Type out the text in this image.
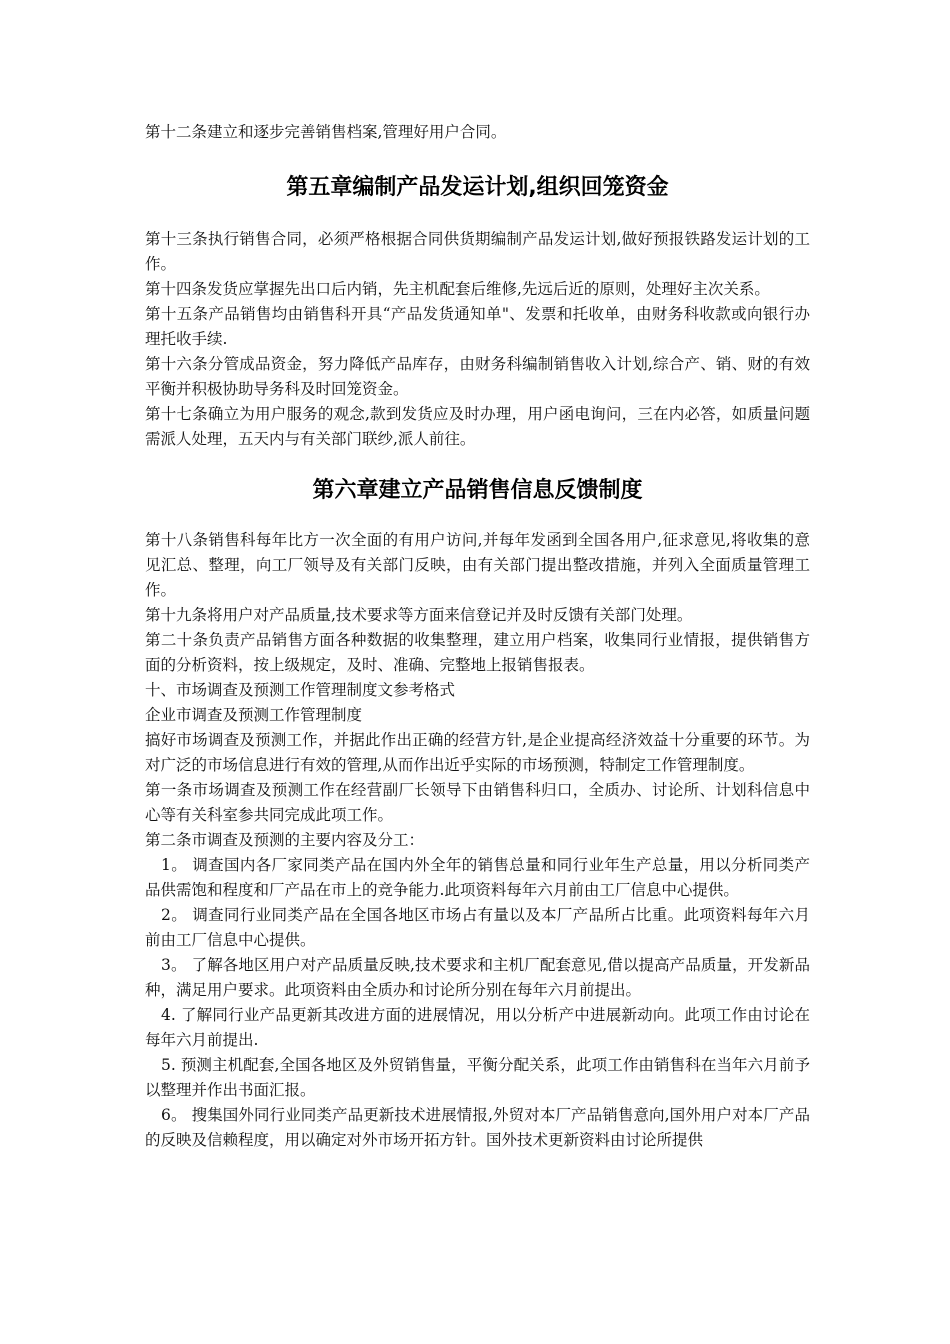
第十二条建立和逐步完善销售档案,管理好用户合同。

第五章编制产品发运计划,组织回笼资金

第十三条执行销售合同，必须严格根据合同供货期编制产品发运计划,做好预报铁路发运计划的工作。

第十四条发货应掌握先出口后内销，先主机配套后维修,先远后近的原则，处理好主次关系。

第十五条产品销售均由销售科开具“产品发货通知单"、发票和托收单，由财务科收款或向银行办理托收手续.

第十六条分管成品资金，努力降低产品库存，由财务科编制销售收入计划,综合产、销、财的有效平衡并积极协助导务科及时回笼资金。

第十七条确立为用户服务的观念,款到发货应及时办理，用户函电询问，三在内必答，如质量问题需派人处理，五天内与有关部门联纱,派人前往。

第六章建立产品销售信息反馈制度

第十八条销售科每年比方一次全面的有用户访问,并每年发函到全国各用户,征求意见,将收集的意见汇总、整理，向工厂领导及有关部门反映，由有关部门提出整改措施，并列入全面质量管理工作。

第十九条将用户对产品质量,技术要求等方面来信登记并及时反馈有关部门处理。

第二十条负责产品销售方面各种数据的收集整理，建立用户档案，收集同行业情报，提供销售方面的分析资料，按上级规定，及时、准确、完整地上报销售报表。

十、市场调查及预测工作管理制度文参考格式

企业市调查及预测工作管理制度

搞好市场调查及预测工作，并据此作出正确的经营方针,是企业提高经济效益十分重要的环节。为对广泛的市场信息进行有效的管理,从而作出近乎实际的市场预测，特制定工作管理制度。

第一条市场调查及预测工作在经营副厂长领导下由销售科归口，全质办、讨论所、计划科信息中心等有关科室参共同完成此项工作。

第二条市调查及预测的主要内容及分工：

1。 调查国内各厂家同类产品在国内外全年的销售总量和同行业年生产总量，用以分析同类产品供需饱和程度和厂产品在市上的竞争能力.此项资料每年六月前由工厂信息中心提供。

2。 调查同行业同类产品在全国各地区市场占有量以及本厂产品所占比重。此项资料每年六月前由工厂信息中心提供。

3。 了解各地区用户对产品质量反映,技术要求和主机厂配套意见,借以提高产品质量，开发新品种，满足用户要求。此项资料由全质办和讨论所分别在每年六月前提出。

4. 了解同行业产品更新其改进方面的进展情况，用以分析产中进展新动向。此项工作由讨论在每年六月前提出.

5. 预测主机配套,全国各地区及外贸销售量，平衡分配关系，此项工作由销售科在当年六月前予以整理并作出书面汇报。

6。 搜集国外同行业同类产品更新技术进展情报,外贸对本厂产品销售意向,国外用户对本厂产品的反映及信赖程度，用以确定对外市场开拓方针。国外技术更新资料由讨论所提供
